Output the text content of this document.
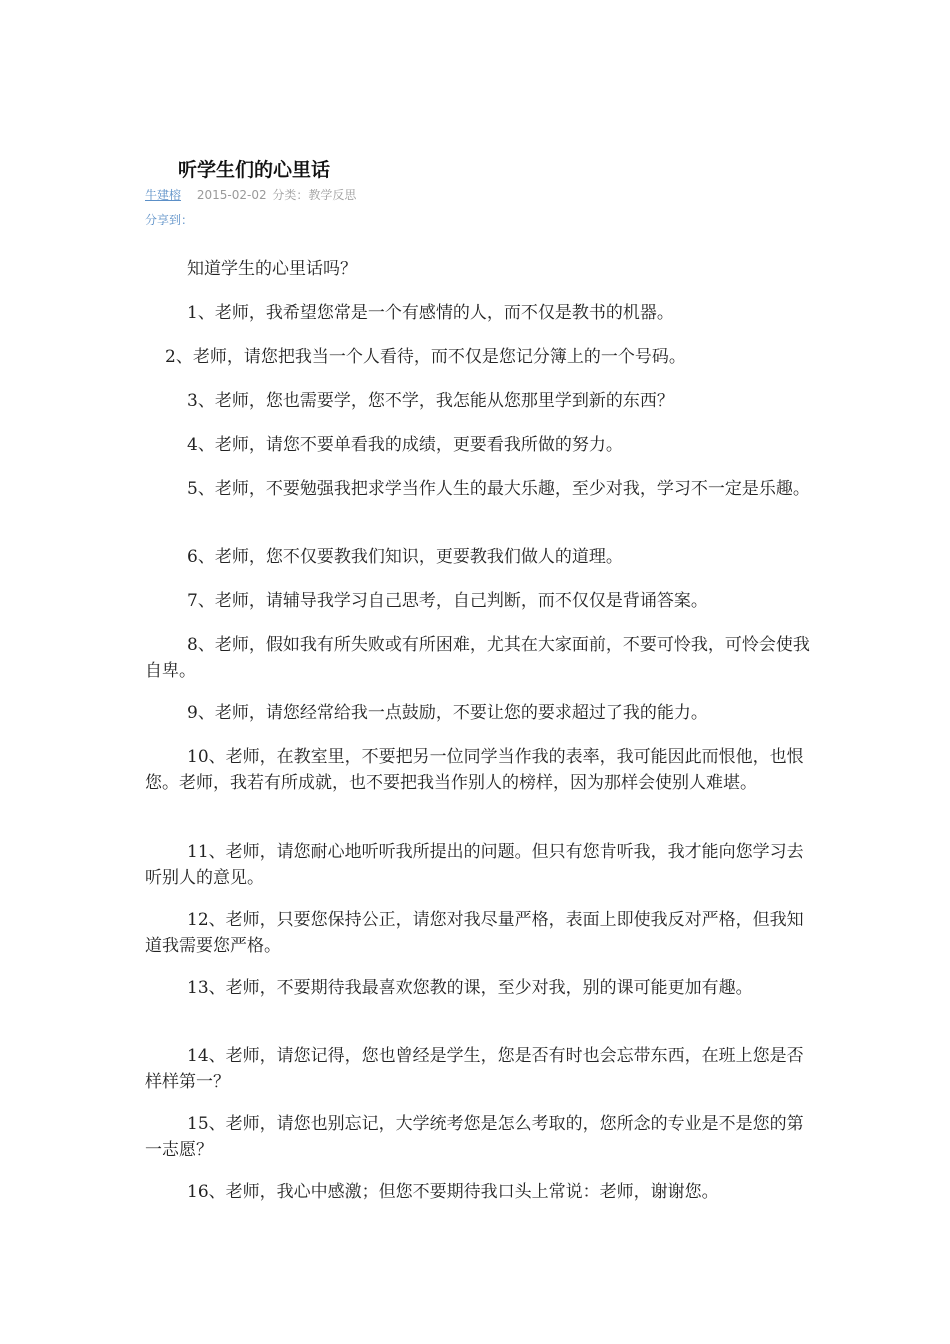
听学生们的心里话
牛建榕 2015-02-02 分类：教学反思
分享到：

知道学生的心里话吗？

1、老师，我希望您常是一个有感情的人，而不仅是教书的机器。

2、老师，请您把我当一个人看待，而不仅是您记分簿上的一个号码。

3、老师，您也需要学，您不学，我怎能从您那里学到新的东西？

4、老师，请您不要单看我的成绩，更要看我所做的努力。

5、老师，不要勉强我把求学当作人生的最大乐趣，至少对我，学习不一定是乐趣。

6、老师，您不仅要教我们知识，更要教我们做人的道理。

7、老师，请辅导我学习自己思考，自己判断，而不仅仅是背诵答案。

8、老师，假如我有所失败或有所困难，尤其在大家面前，不要可怜我，可怜会使我自卑。

9、老师，请您经常给我一点鼓励，不要让您的要求超过了我的能力。

10、老师，在教室里，不要把另一位同学当作我的表率，我可能因此而恨他，也恨您。老师，我若有所成就，也不要把我当作别人的榜样，因为那样会使别人难堪。

11、老师，请您耐心地听听我所提出的问题。但只有您肯听我，我才能向您学习去听别人的意见。

12、老师，只要您保持公正，请您对我尽量严格，表面上即使我反对严格，但我知道我需要您严格。

13、老师，不要期待我最喜欢您教的课，至少对我，别的课可能更加有趣。

14、老师，请您记得，您也曾经是学生，您是否有时也会忘带东西，在班上您是否样样第一？

15、老师，请您也别忘记，大学统考您是怎么考取的，您所念的专业是不是您的第一志愿？

16、老师，我心中感激；但您不要期待我口头上常说：老师，谢谢您。
